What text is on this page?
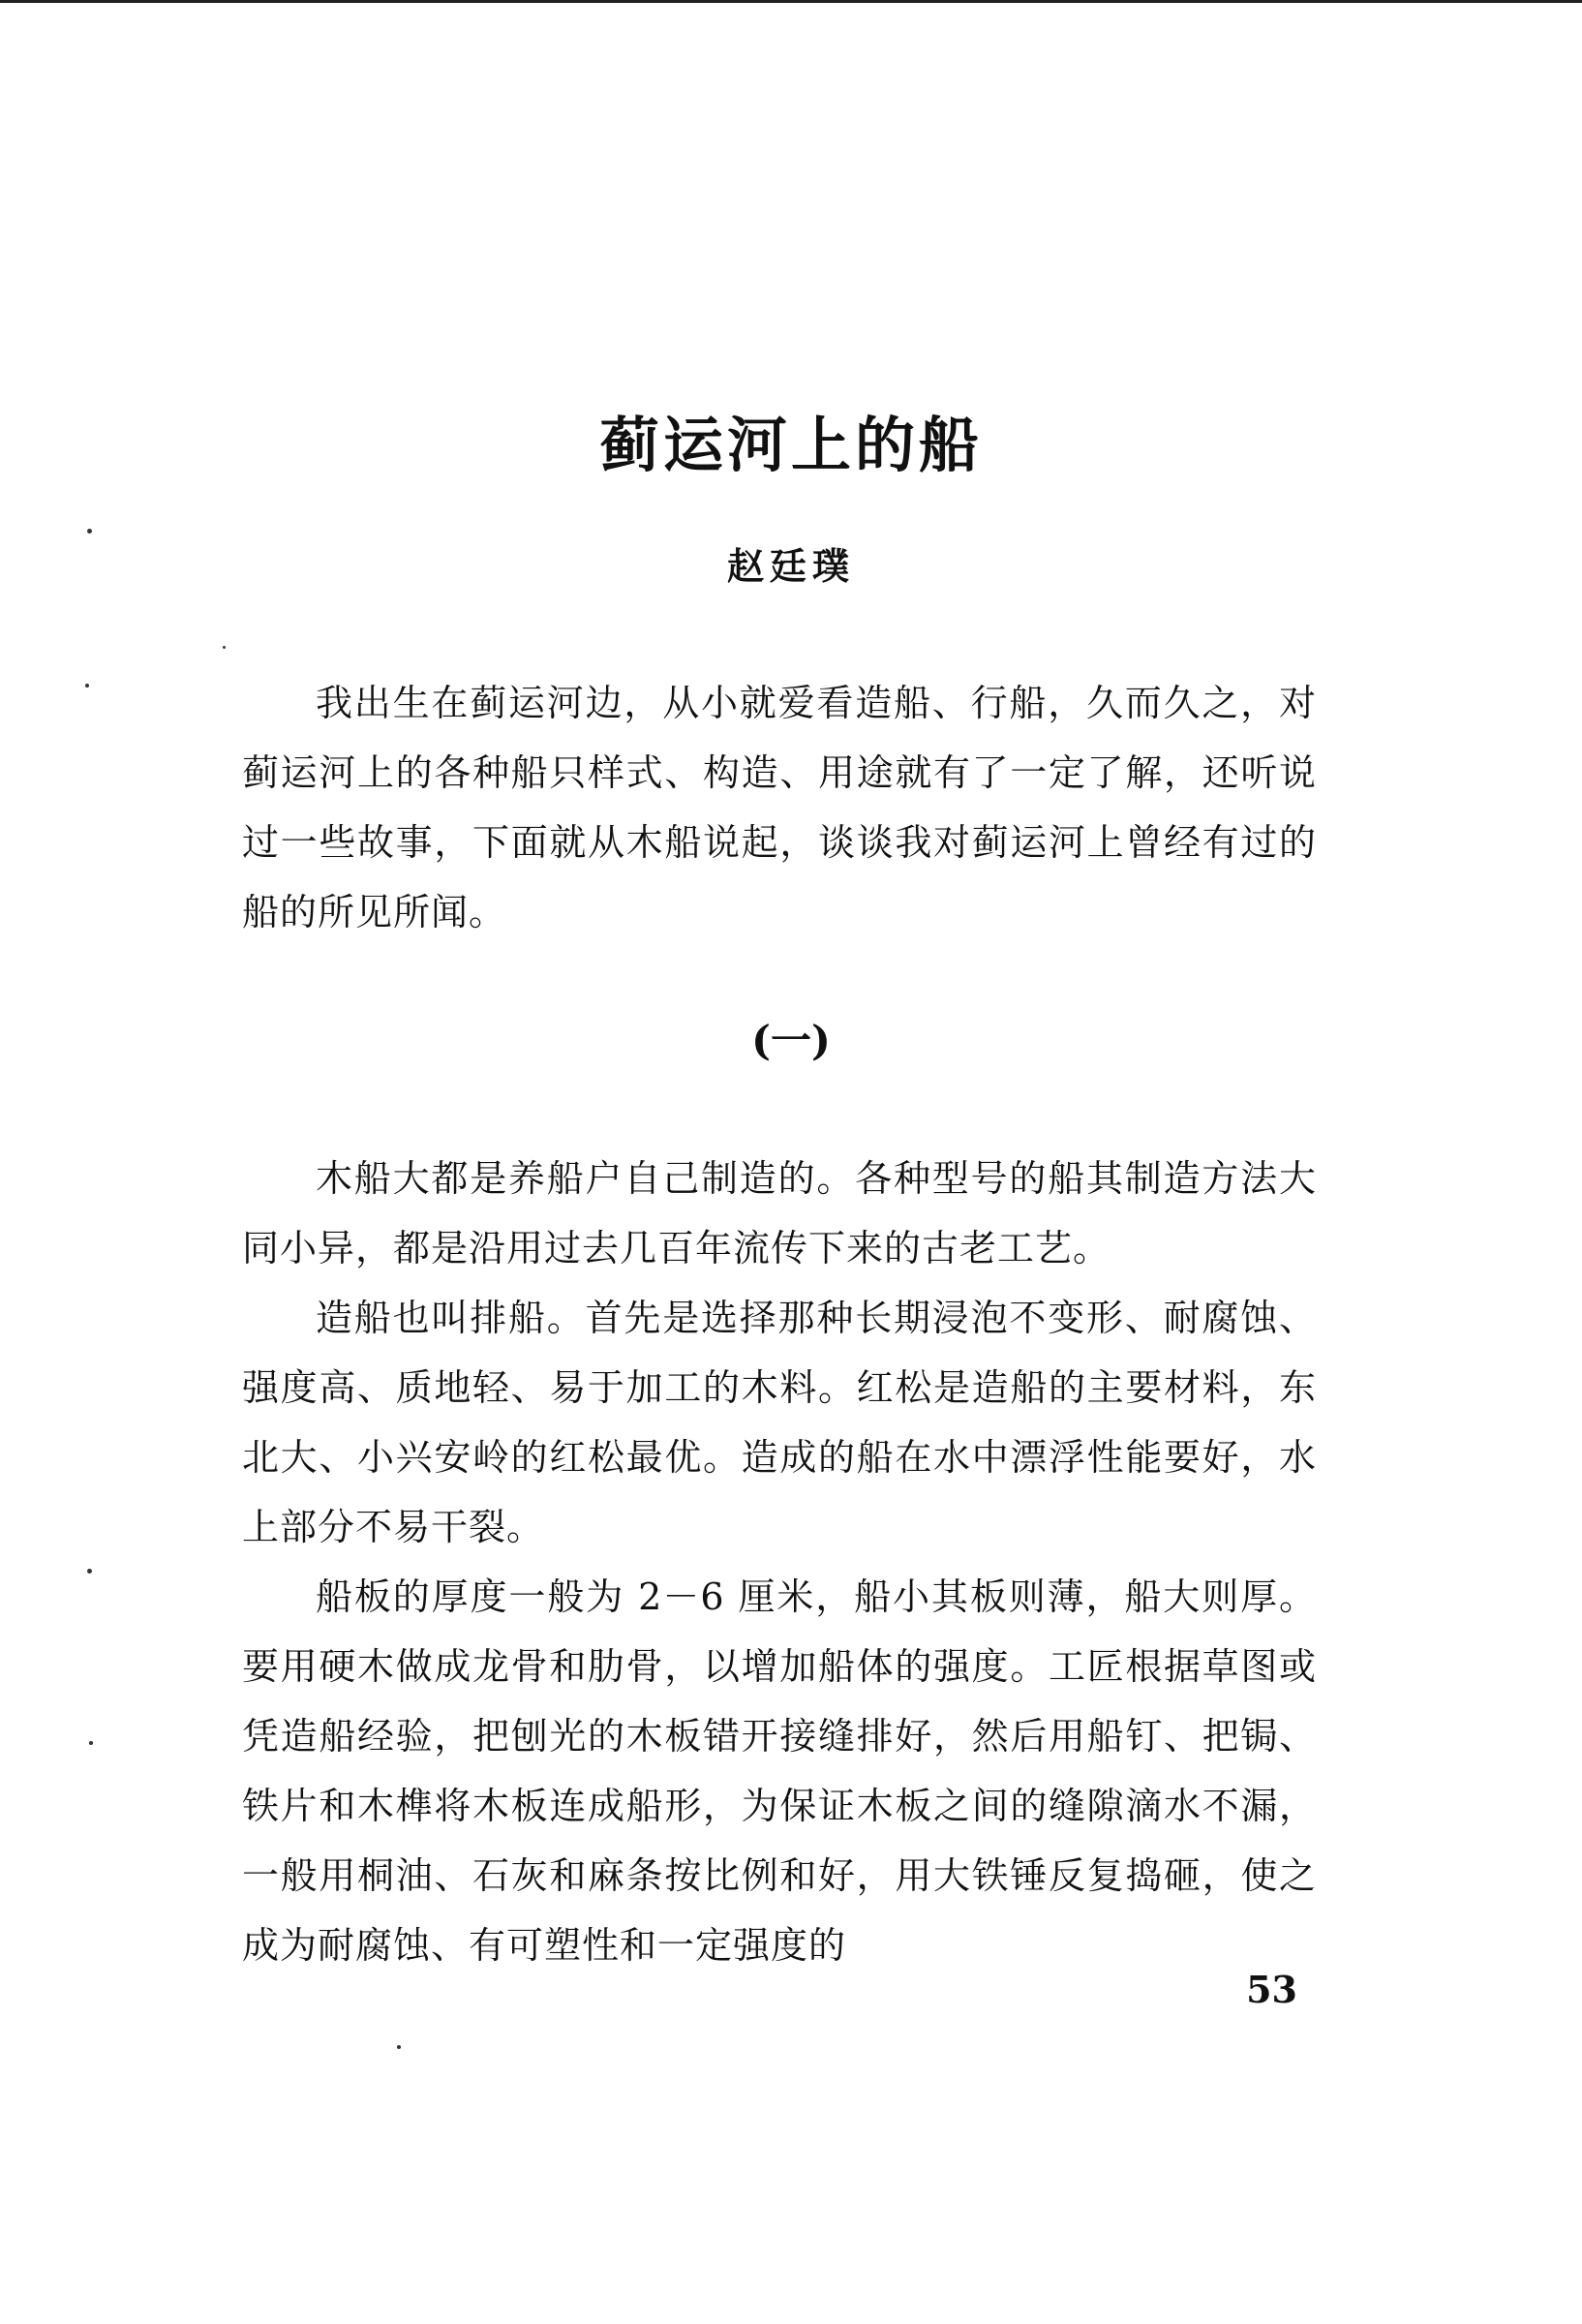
蓟运河上的船
赵廷璞

我出生在蓟运河边，从小就爱看造船、行船，久而久之，对蓟运河上的各种船只样式、构造、用途就有了一定了解，还听说过一些故事，下面就从木船说起，谈谈我对蓟运河上曾经有过的船的所见所闻。

(一)

木船大都是养船户自己制造的。各种型号的船其制造方法大同小异，都是沿用过去几百年流传下来的古老工艺。

造船也叫排船。首先是选择那种长期浸泡不变形、耐腐蚀、强度高、质地轻、易于加工的木料。红松是造船的主要材料，东北大、小兴安岭的红松最优。造成的船在水中漂浮性能要好，水上部分不易干裂。

船板的厚度一般为 2－6 厘米，船小其板则薄，船大则厚。要用硬木做成龙骨和肋骨，以增加船体的强度。工匠根据草图或凭造船经验，把刨光的木板错开接缝排好，然后用船钉、把锔、铁片和木榫将木板连成船形，为保证木板之间的缝隙滴水不漏，一般用桐油、石灰和麻条按比例和好，用大铁锤反复捣砸，使之成为耐腐蚀、有可塑性和一定强度的

53
